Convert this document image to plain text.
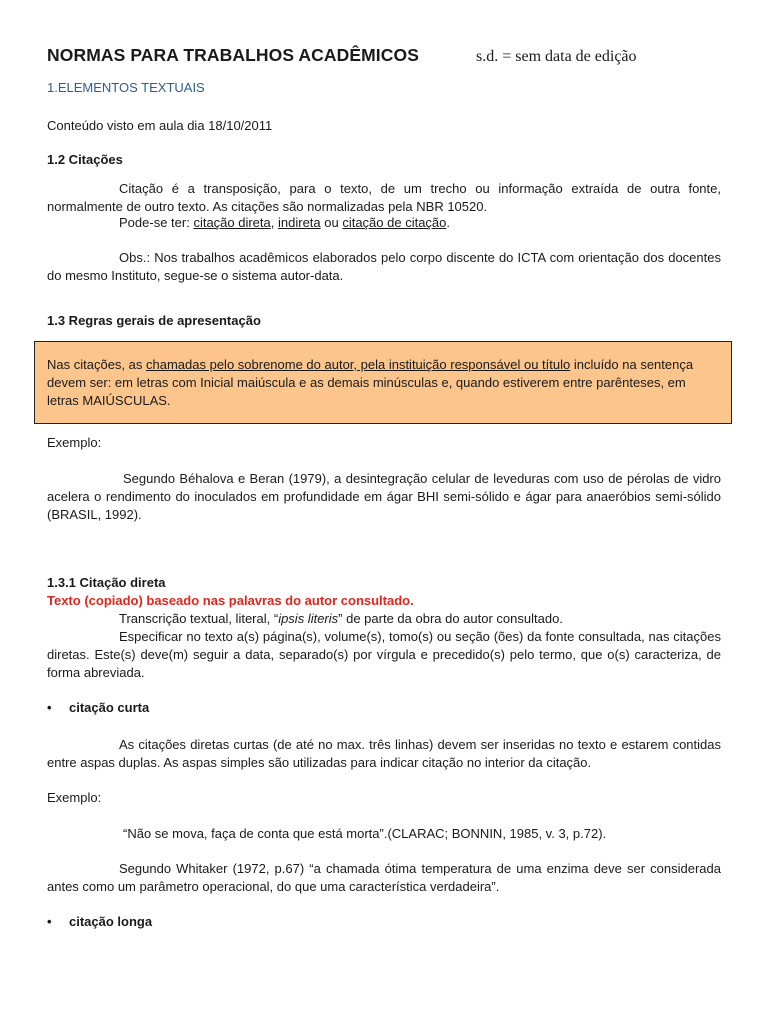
NORMAS PARA TRABALHOS ACADÊMICOS	s.d. = sem data de edição
1.ELEMENTOS TEXTUAIS
Conteúdo visto em aula dia 18/10/2011
1.2 Citações

Citação é a transposição, para o texto, de um trecho ou informação extraída de outra fonte, normalmente de outro texto. As citações são normalizadas pela NBR 10520.

Pode-se ter: citação direta, indireta ou citação de citação.

Obs.: Nos trabalhos acadêmicos elaborados pelo corpo discente do ICTA com orientação dos docentes do mesmo Instituto, segue-se o sistema autor-data.

1.3 Regras gerais de apresentação
Nas citações, as chamadas pelo sobrenome do autor, pela instituição responsável ou título incluído na sentença devem ser: em letras com Inicial maiúscula e as demais minúsculas e, quando estiverem entre parênteses, em letras MAIÚSCULAS.
Exemplo:

Segundo Béhalova e Beran (1979), a desintegração celular de leveduras com uso de pérolas de vidro acelera o rendimento do inoculados em profundidade em ágar BHI semi-sólido e ágar para anaeróbios semi-sólido (BRASIL, 1992).

1.3.1 Citação direta
Texto (copiado) baseado nas palavras do autor consultado.

Transcrição textual, literal, “ipsis literis” de parte da obra do autor consultado.

Especificar no texto a(s) página(s), volume(s), tomo(s) ou seção (ões) da fonte consultada, nas citações diretas. Este(s) deve(m) seguir a data, separado(s) por vírgula e precedido(s) pelo termo, que o(s) caracteriza, de forma abreviada.

• citação curta

As citações diretas curtas (de até no max. três linhas) devem ser inseridas no texto e estarem contidas entre aspas duplas. As aspas simples são utilizadas para indicar citação no interior da citação.

Exemplo:

“Não se mova, faça de conta que está morta”.(CLARAC; BONNIN, 1985, v. 3, p.72).

Segundo Whitaker (1972, p.67) “a chamada ótima temperatura de uma enzima deve ser considerada antes como um parâmetro operacional, do que uma característica verdadeira”.

• citação longa
